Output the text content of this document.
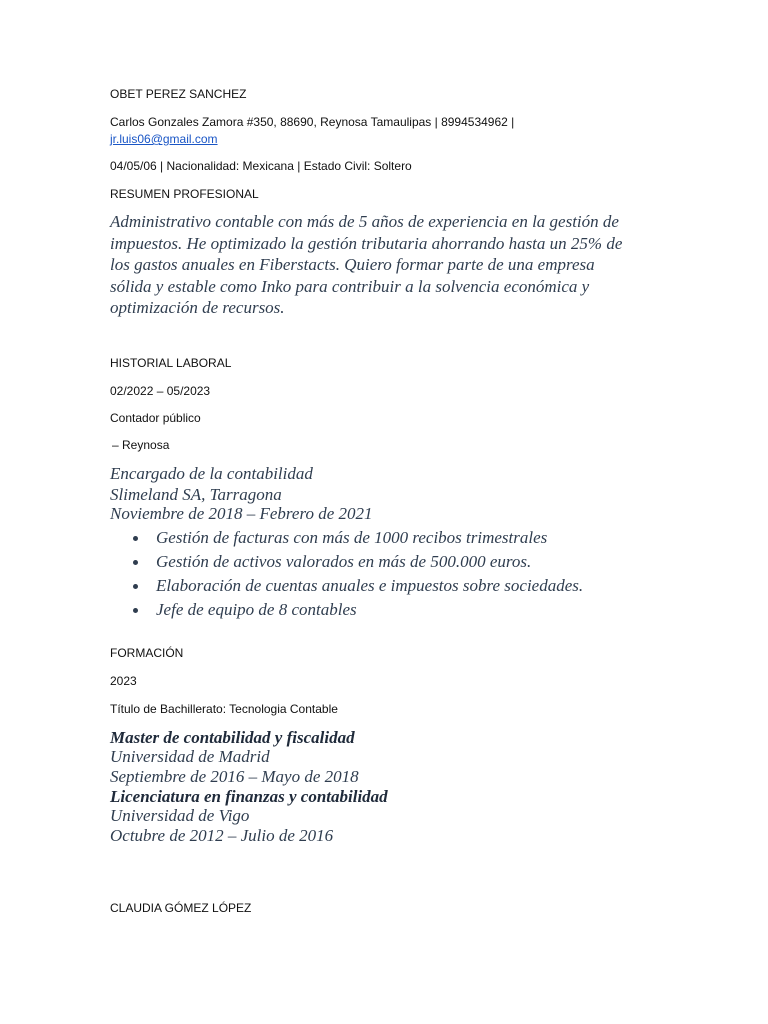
OBET PEREZ SANCHEZ

Carlos Gonzales Zamora #350, 88690, Reynosa Tamaulipas | 8994534962 |

jr.luis06@gmail.com

04/05/06 | Nacionalidad: Mexicana | Estado Civil: Soltero

RESUMEN PROFESIONAL

Administrativo contable con más de 5 años de experiencia en la gestión de
impuestos. He optimizado la gestión tributaria ahorrando hasta un 25% de
los gastos anuales en Fiberstacts. Quiero formar parte de una empresa
sólida y estable como Inko para contribuir a la solvencia económica y
optimización de recursos.

HISTORIAL LABORAL

02/2022 – 05/2023

Contador público

– Reynosa

Encargado de la contabilidad

Slimeland SA, Tarragona

Noviembre de 2018 – Febrero de 2021

Gestión de facturas con más de 1000 recibos trimestrales
Gestión de activos valorados en más de 500.000 euros.
Elaboración de cuentas anuales e impuestos sobre sociedades.
Jefe de equipo de 8 contables

FORMACIÓN

2023

Título de Bachillerato: Tecnologia Contable

Master de contabilidad y fiscalidad

Universidad de Madrid

Septiembre de 2016 – Mayo de 2018

Licenciatura en finanzas y contabilidad

Universidad de Vigo

Octubre de 2012 – Julio de 2016

CLAUDIA GÓMEZ LÓPEZ
